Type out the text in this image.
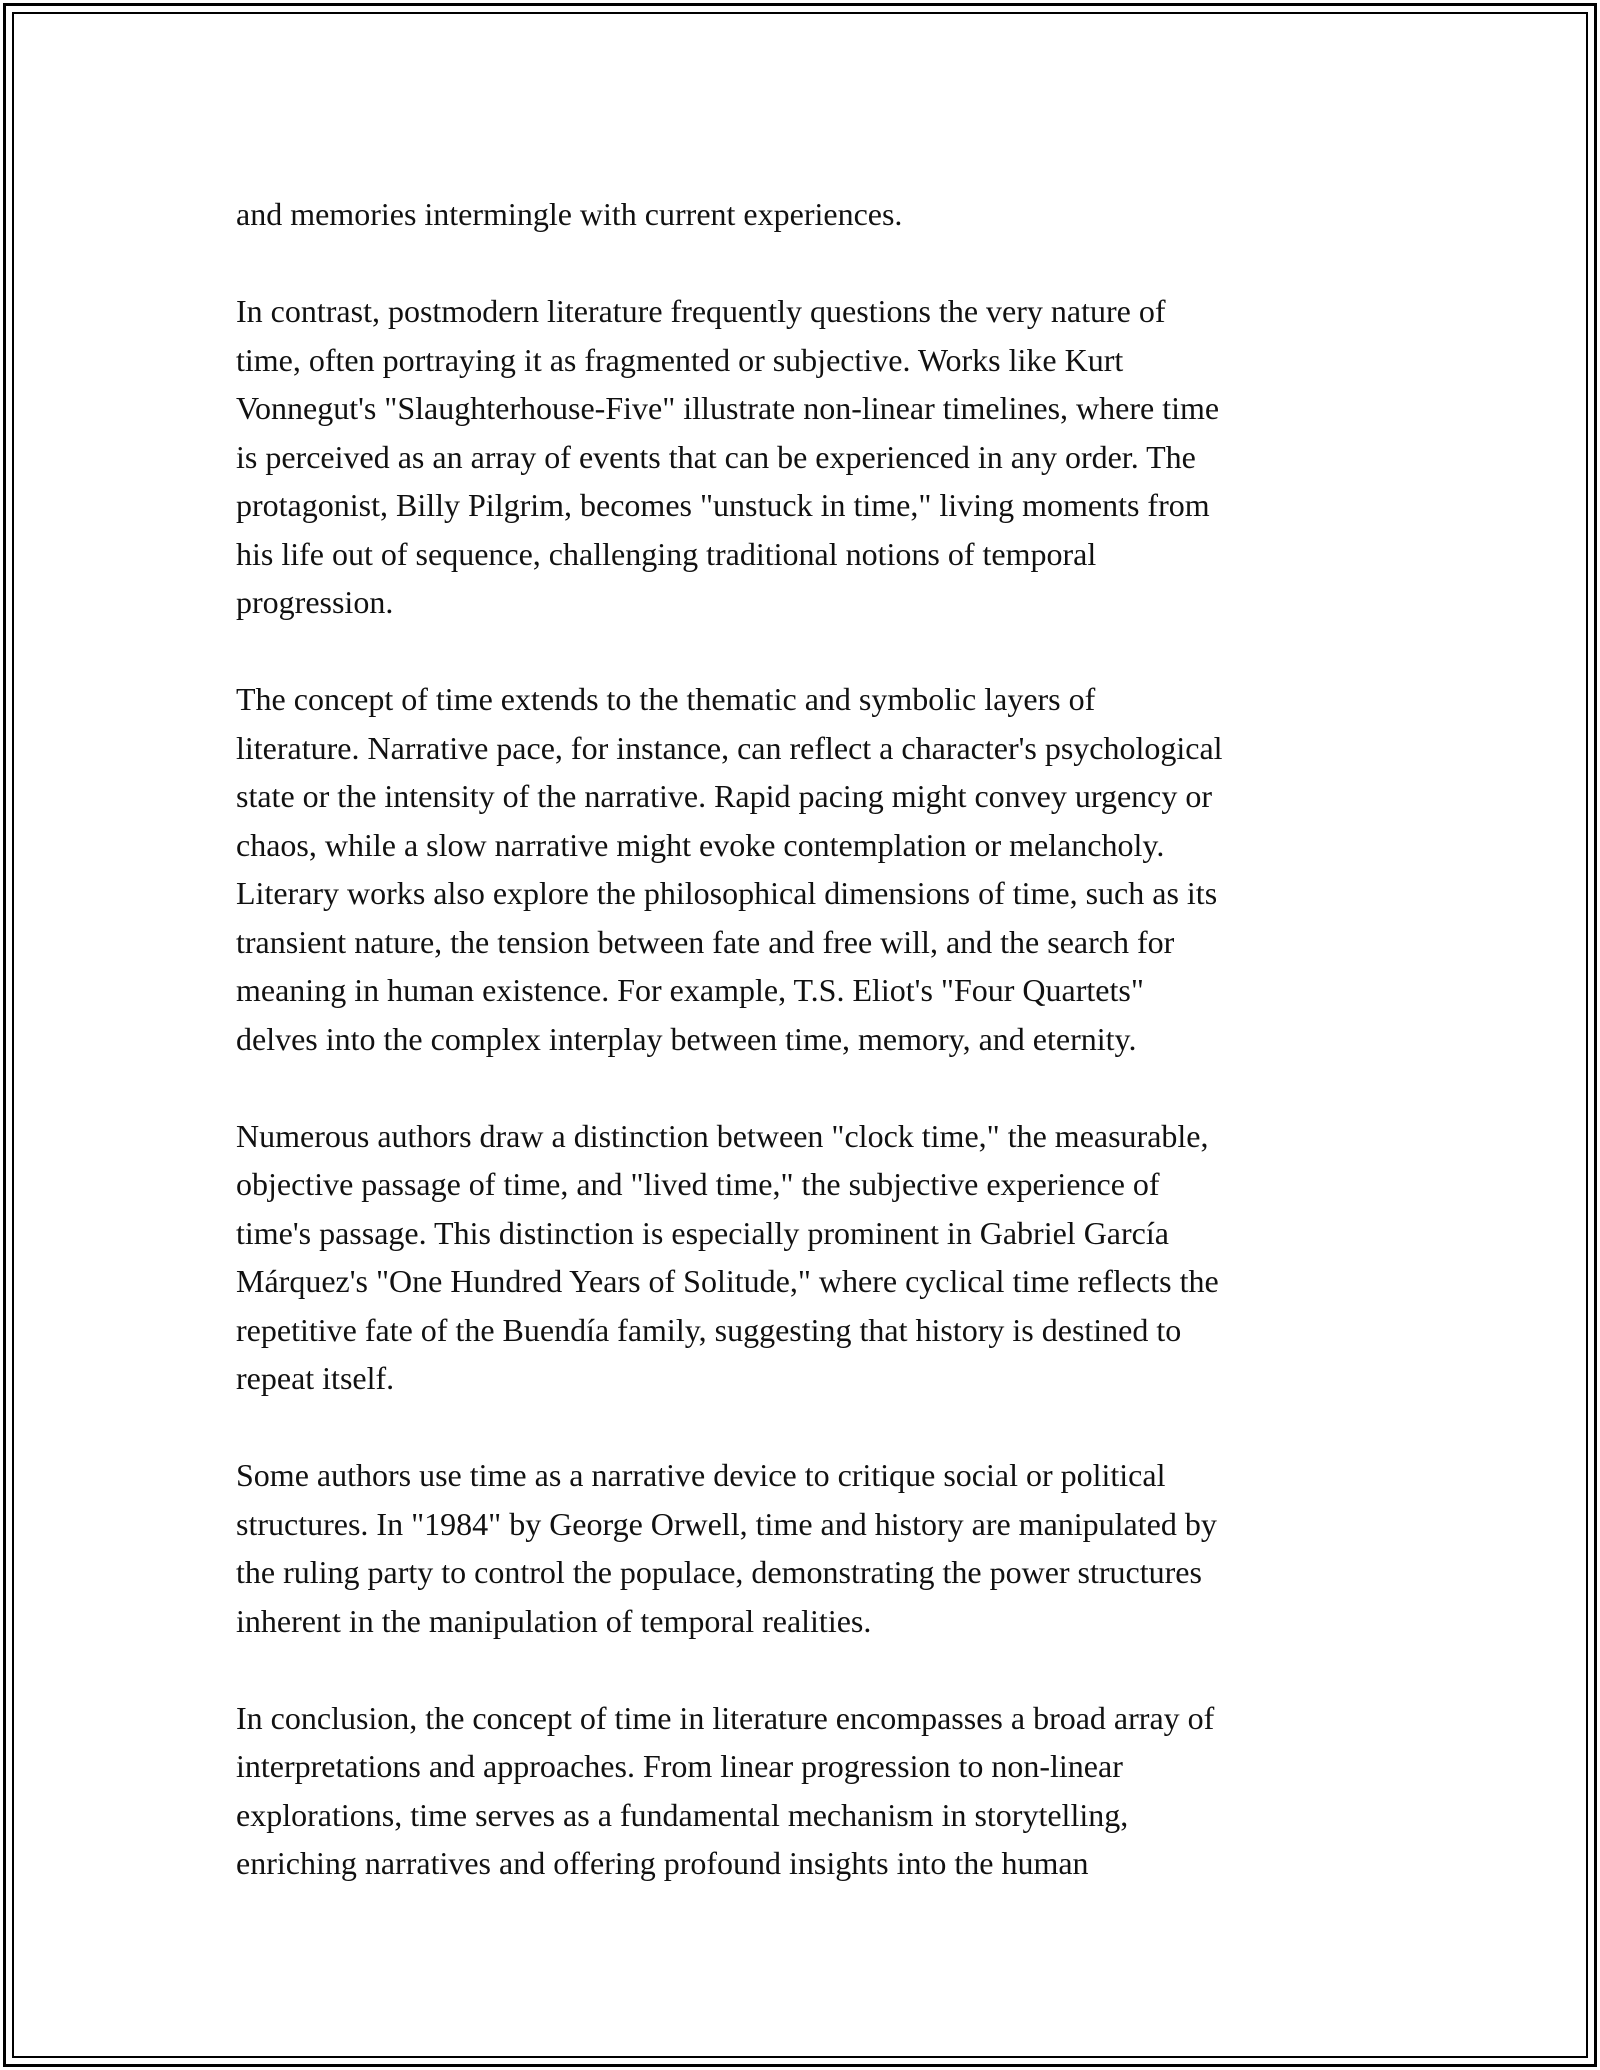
and memories intermingle with current experiences.

In contrast, postmodern literature frequently questions the very nature of
time, often portraying it as fragmented or subjective. Works like Kurt
Vonnegut's "Slaughterhouse-Five" illustrate non-linear timelines, where time
is perceived as an array of events that can be experienced in any order. The
protagonist, Billy Pilgrim, becomes "unstuck in time," living moments from
his life out of sequence, challenging traditional notions of temporal
progression.

The concept of time extends to the thematic and symbolic layers of
literature. Narrative pace, for instance, can reflect a character's psychological
state or the intensity of the narrative. Rapid pacing might convey urgency or
chaos, while a slow narrative might evoke contemplation or melancholy.
Literary works also explore the philosophical dimensions of time, such as its
transient nature, the tension between fate and free will, and the search for
meaning in human existence. For example, T.S. Eliot's "Four Quartets"
delves into the complex interplay between time, memory, and eternity.

Numerous authors draw a distinction between "clock time," the measurable,
objective passage of time, and "lived time," the subjective experience of
time's passage. This distinction is especially prominent in Gabriel García
Márquez's "One Hundred Years of Solitude," where cyclical time reflects the
repetitive fate of the Buendía family, suggesting that history is destined to
repeat itself.

Some authors use time as a narrative device to critique social or political
structures. In "1984" by George Orwell, time and history are manipulated by
the ruling party to control the populace, demonstrating the power structures
inherent in the manipulation of temporal realities.

In conclusion, the concept of time in literature encompasses a broad array of
interpretations and approaches. From linear progression to non-linear
explorations, time serves as a fundamental mechanism in storytelling,
enriching narratives and offering profound insights into the human
